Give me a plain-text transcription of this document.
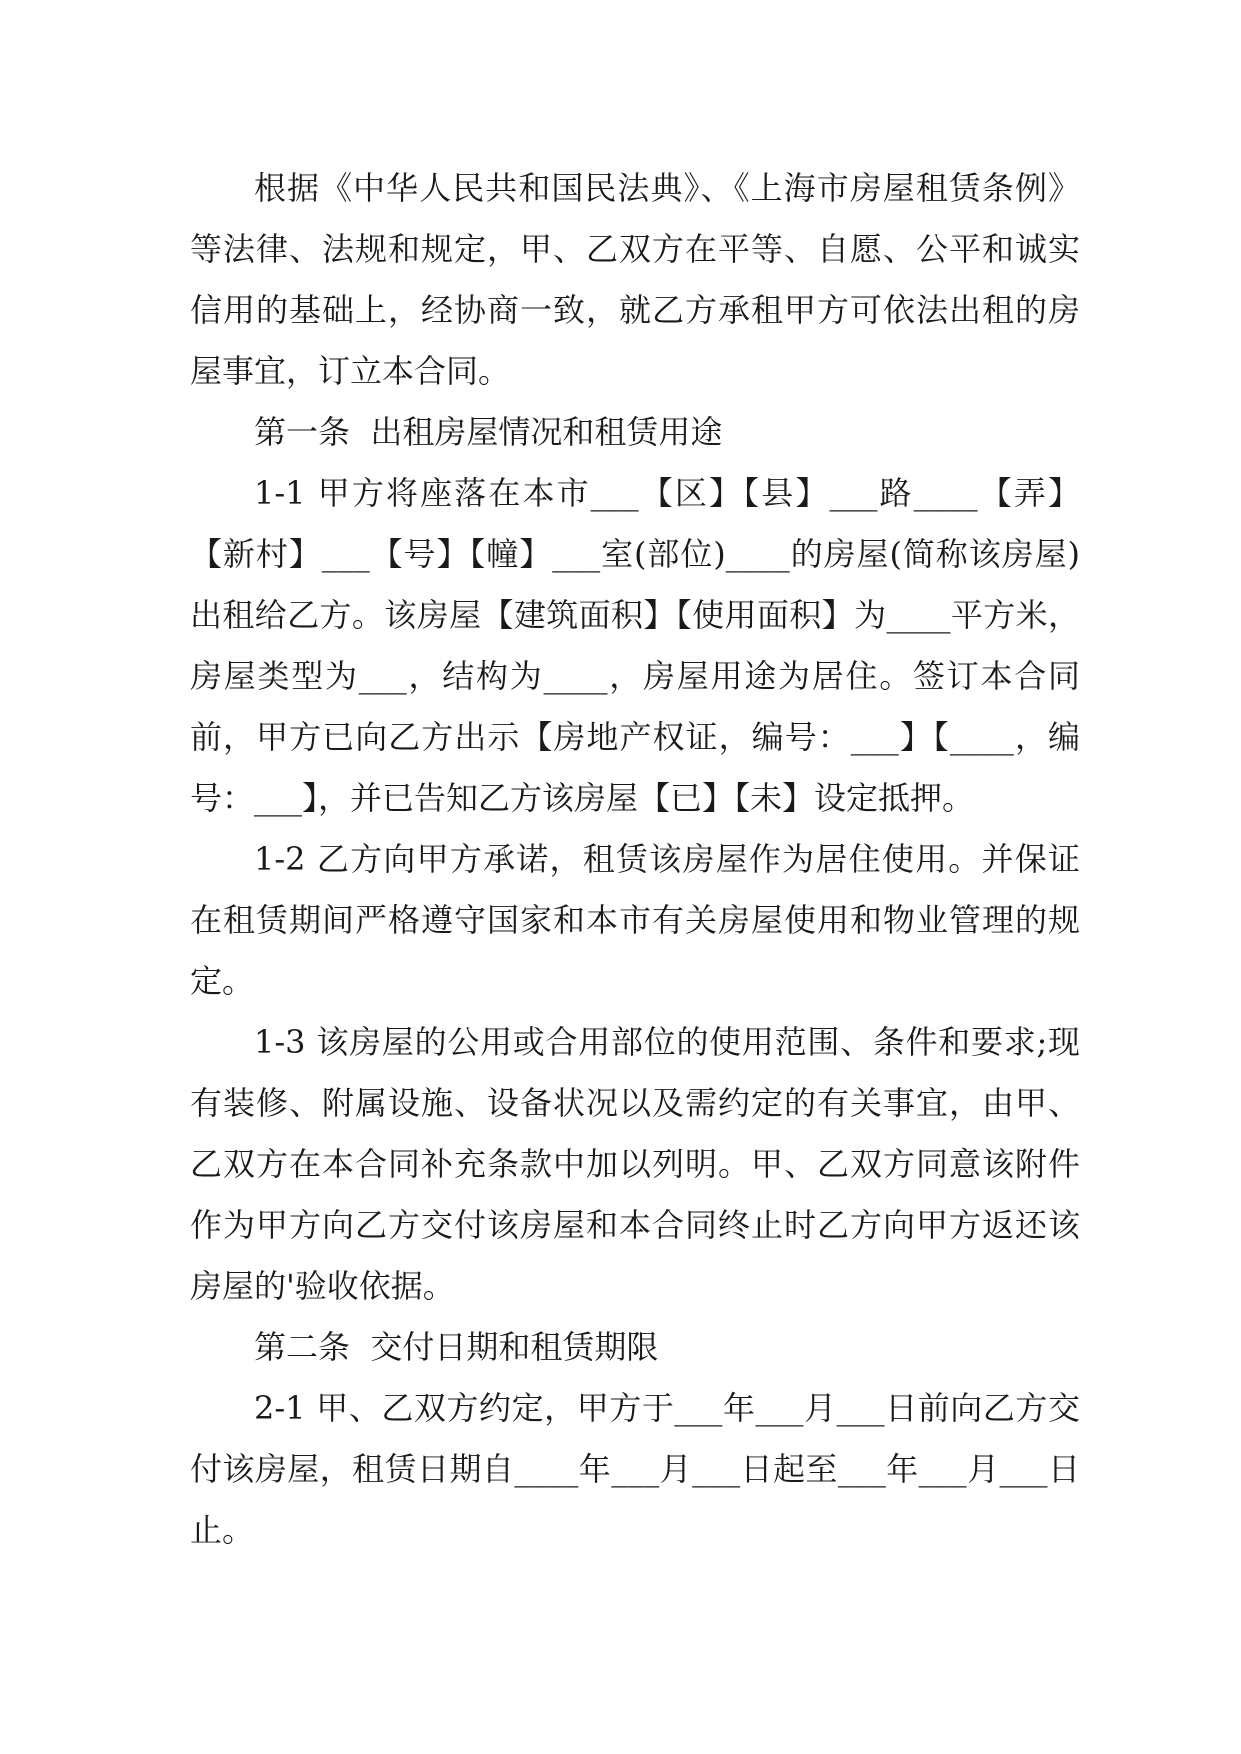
根据《中华人民共和国民法典》、《上海市房屋租赁条例》等法律、法规和规定，甲、乙双方在平等、自愿、公平和诚实信用的基础上，经协商一致，就乙方承租甲方可依法出租的房屋事宜，订立本合同。

第一条  出租房屋情况和租赁用途

1-1 甲方将座落在本市___【区】【县】___路____【弄】【新村】___【号】【幢】___室(部位)____的房屋(简称该房屋)出租给乙方。该房屋【建筑面积】【使用面积】为____平方米，房屋类型为___，结构为____，房屋用途为居住。签订本合同前，甲方已向乙方出示【房地产权证，编号：___】【____，编号：___】，并已告知乙方该房屋【已】【未】设定抵押。

1-2 乙方向甲方承诺，租赁该房屋作为居住使用。并保证在租赁期间严格遵守国家和本市有关房屋使用和物业管理的规定。

1-3 该房屋的公用或合用部位的使用范围、条件和要求;现有装修、附属设施、设备状况以及需约定的有关事宜，由甲、乙双方在本合同补充条款中加以列明。甲、乙双方同意该附件作为甲方向乙方交付该房屋和本合同终止时乙方向甲方返还该房屋的'验收依据。

第二条  交付日期和租赁期限

2-1 甲、乙双方约定，甲方于___年___月___日前向乙方交付该房屋，租赁日期自____年___月___日起至___年___月___日止。
